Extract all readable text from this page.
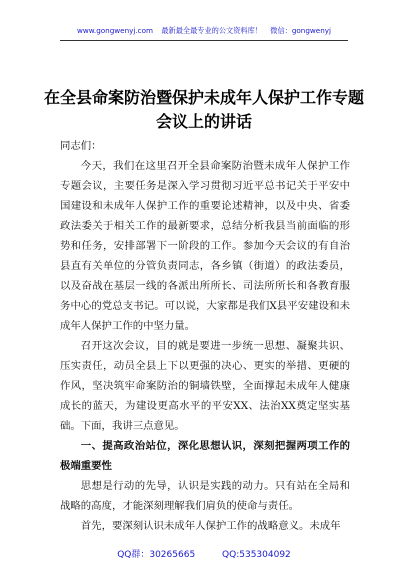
www.gongwenyj.com 最新最全最专业的公文资料库！ 微信：gongwenyj
在全县命案防治暨保护未成年人保护工作专题
会议上的讲话

同志们：

今天，我们在这里召开全县命案防治暨未成年人保护工作专题会议，主要任务是深入学习贯彻习近平总书记关于平安中国建设和未成年人保护工作的重要论述精神，以及中央、省委政法委关于相关工作的最新要求，总结分析我县当前面临的形势和任务，安排部署下一阶段的工作。参加今天会议的有自治县直有关单位的分管负责同志，各乡镇（街道）的政法委员，以及奋战在基层一线的各派出所所长、司法所所长和各教育服务中心的党总支书记。可以说，大家都是我们X县平安建设和未成年人保护工作的中坚力量。

召开这次会议，目的就是要进一步统一思想、凝聚共识、压实责任，动员全县上下以更强的决心、更实的举措、更硬的作风，坚决筑牢命案防治的铜墙铁壁，全面撑起未成年人健康成长的蓝天，为建设更高水平的平安XX、法治XX奠定坚实基础。下面，我讲三点意见。

一、提高政治站位，深化思想认识，深刻把握两项工作的极端重要性

思想是行动的先导，认识是实践的动力。只有站在全局和战略的高度，才能深刻理解我们肩负的使命与责任。

首先，要深刻认识未成年人保护工作的战略意义。未成年

QQ群：30265665	QQ:535304092
